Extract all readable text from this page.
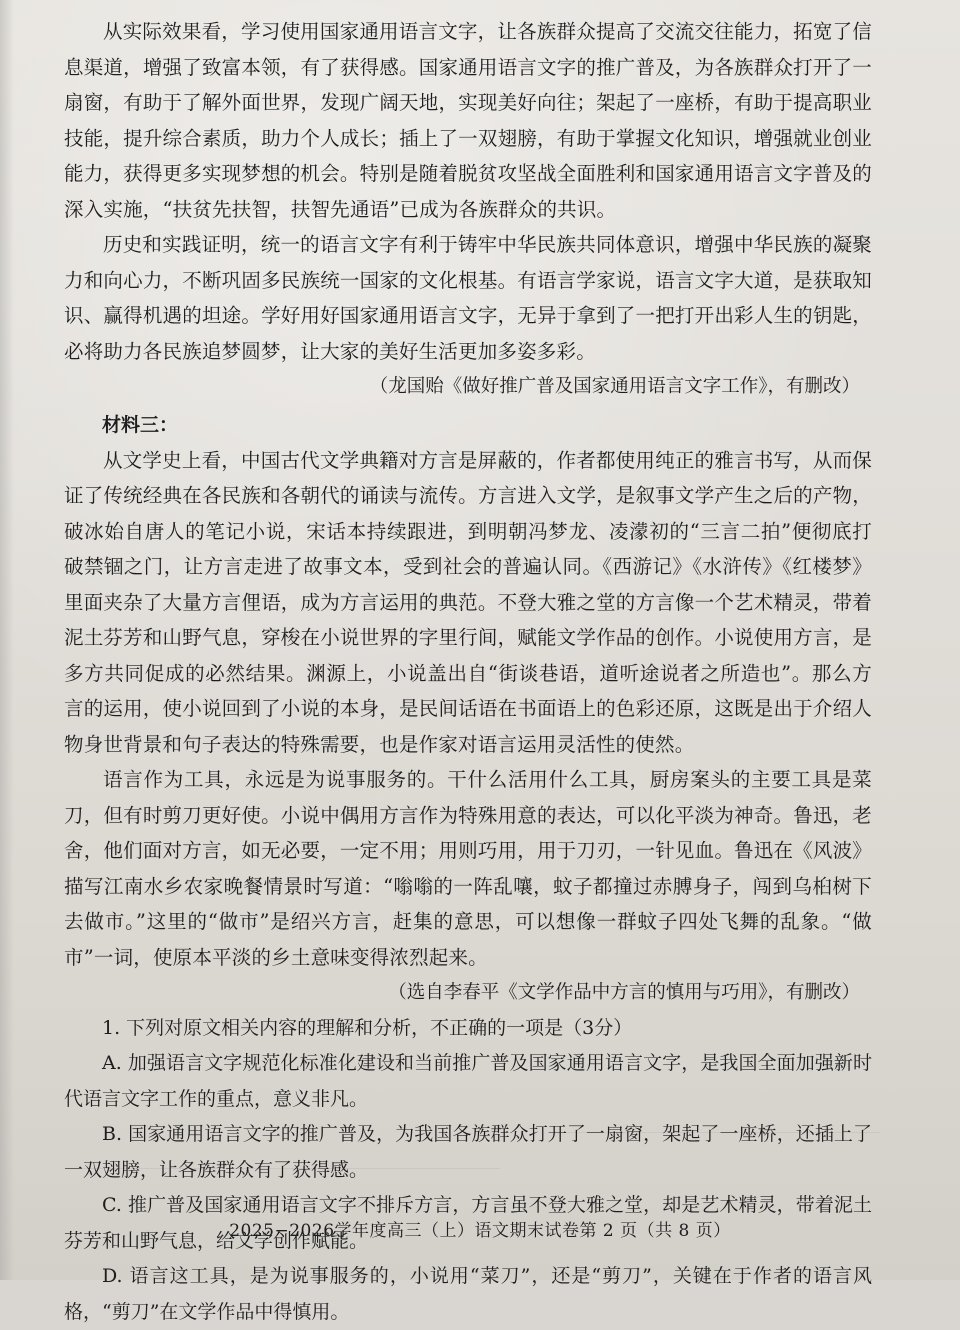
从实际效果看，学习使用国家通用语言文字，让各族群众提高了交流交往能力，拓宽了信息渠道，增强了致富本领，有了获得感。国家通用语言文字的推广普及，为各族群众打开了一扇窗，有助于了解外面世界，发现广阔天地，实现美好向往；架起了一座桥，有助于提高职业技能，提升综合素质，助力个人成长；插上了一双翅膀，有助于掌握文化知识，增强就业创业能力，获得更多实现梦想的机会。特别是随着脱贫攻坚战全面胜利和国家通用语言文字普及的深入实施，“扶贫先扶智，扶智先通语”已成为各族群众的共识。

历史和实践证明，统一的语言文字有利于铸牢中华民族共同体意识，增强中华民族的凝聚力和向心力，不断巩固多民族统一国家的文化根基。有语言学家说，语言文字大道，是获取知识、赢得机遇的坦途。学好用好国家通用语言文字，无异于拿到了一把打开出彩人生的钥匙，必将助力各民族追梦圆梦，让大家的美好生活更加多姿多彩。

（龙国贻《做好推广普及国家通用语言文字工作》，有删改）

材料三：

从文学史上看，中国古代文学典籍对方言是屏蔽的，作者都使用纯正的雅言书写，从而保证了传统经典在各民族和各朝代的诵读与流传。方言进入文学，是叙事文学产生之后的产物，破冰始自唐人的笔记小说，宋话本持续跟进，到明朝冯梦龙、凌濛初的“三言二拍”便彻底打破禁锢之门，让方言走进了故事文本，受到社会的普遍认同。《西游记》《水浒传》《红楼梦》里面夹杂了大量方言俚语，成为方言运用的典范。不登大雅之堂的方言像一个艺术精灵，带着泥土芬芳和山野气息，穿梭在小说世界的字里行间，赋能文学作品的创作。小说使用方言，是多方共同促成的必然结果。渊源上，小说盖出自“街谈巷语，道听途说者之所造也”。那么方言的运用，使小说回到了小说的本身，是民间话语在书面语上的色彩还原，这既是出于介绍人物身世背景和句子表达的特殊需要，也是作家对语言运用灵活性的使然。

语言作为工具，永远是为说事服务的。干什么活用什么工具，厨房案头的主要工具是菜刀，但有时剪刀更好使。小说中偶用方言作为特殊用意的表达，可以化平淡为神奇。鲁迅，老舍，他们面对方言，如无必要，一定不用；用则巧用，用于刀刃，一针见血。鲁迅在《风波》描写江南水乡农家晚餐情景时写道：“嗡嗡的一阵乱嚷，蚊子都撞过赤膊身子，闯到乌桕树下去做市。”这里的“做市”是绍兴方言，赶集的意思，可以想像一群蚊子四处飞舞的乱象。“做市”一词，使原本平淡的乡土意味变得浓烈起来。

（选自李春平《文学作品中方言的慎用与巧用》，有删改）

1. 下列对原文相关内容的理解和分析，不正确的一项是（3分）

A. 加强语言文字规范化标准化建设和当前推广普及国家通用语言文字，是我国全面加强新时代语言文字工作的重点，意义非凡。

B. 国家通用语言文字的推广普及，为我国各族群众打开了一扇窗，架起了一座桥，还插上了一双翅膀，让各族群众有了获得感。

C. 推广普及国家通用语言文字不排斥方言，方言虽不登大雅之堂，却是艺术精灵，带着泥土芬芳和山野气息，给文学创作赋能。

D. 语言这工具，是为说事服务的，小说用“菜刀”，还是“剪刀”，关键在于作者的语言风格，“剪刀”在文学作品中得慎用。

2025−2026学年度高三（上）语文期末试卷第 2 页（共 8 页）
